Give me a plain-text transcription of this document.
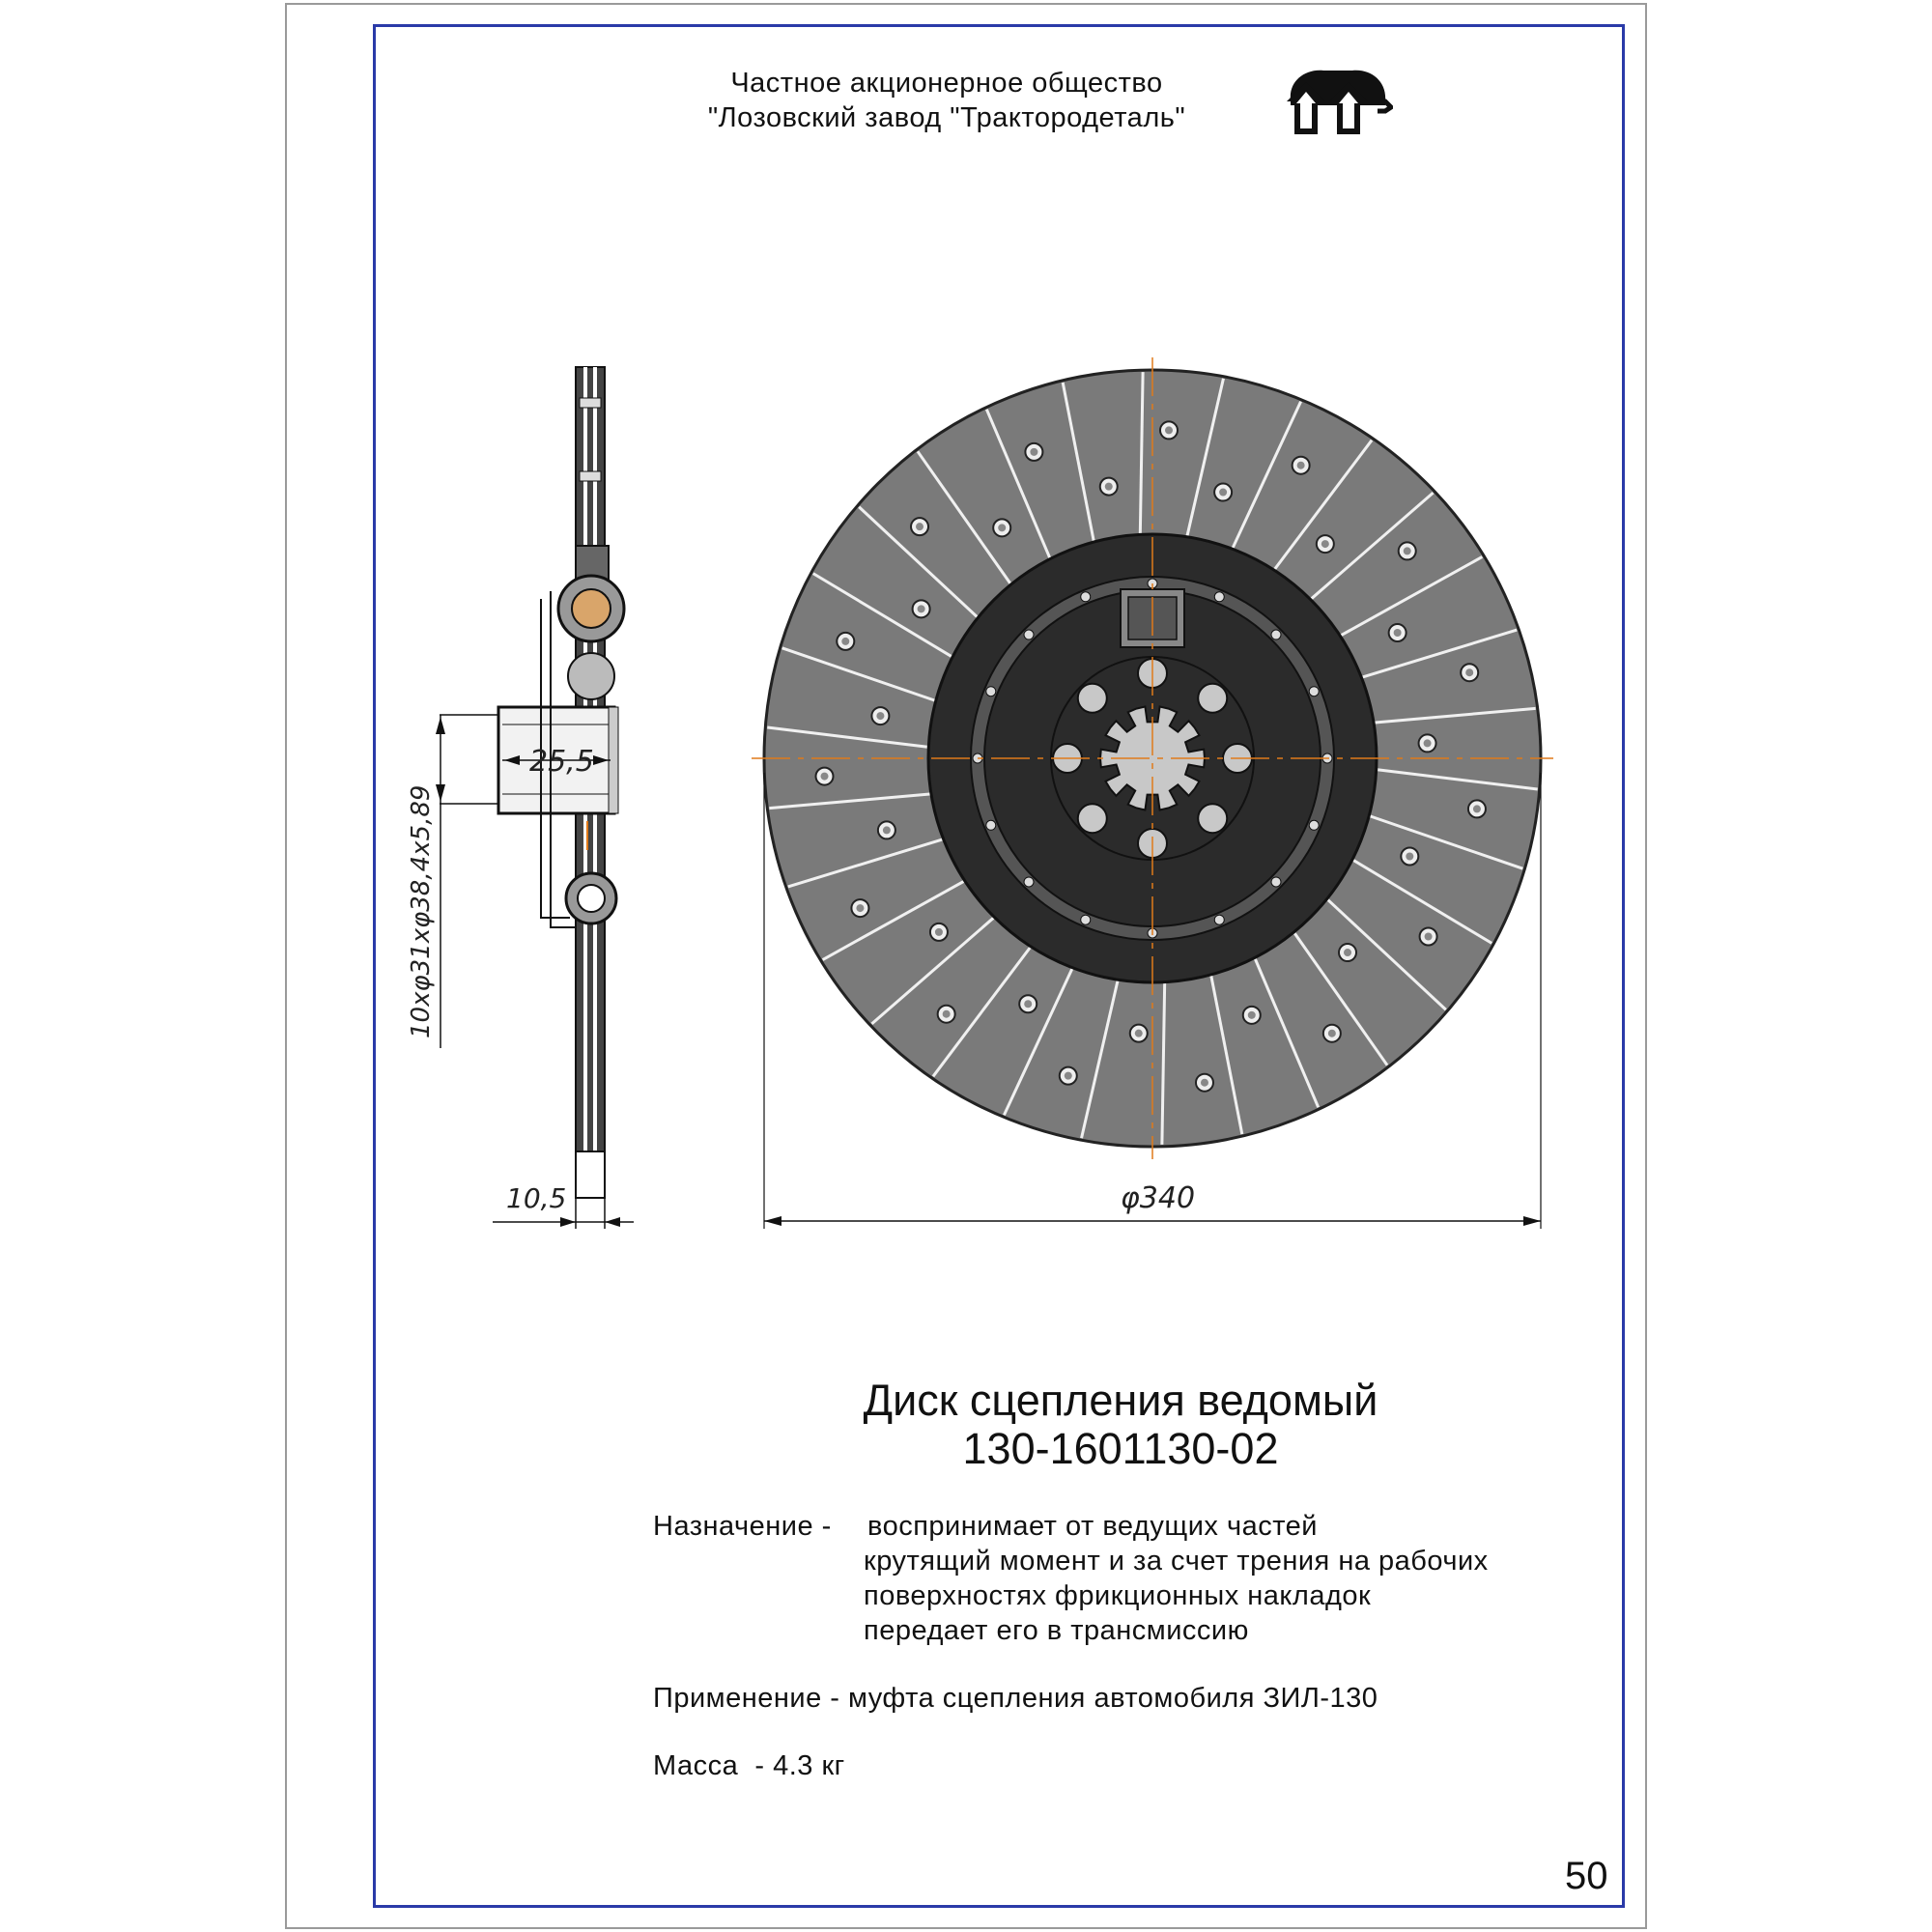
Частное акционерное общество
"Лозовский завод "Трактородеталь"
25,5
10xφ31xφ38,4x5,89
10,5	φ340
Диск сцепления ведомый
130-1601130-02
Назначение - воспринимает от ведущих частей
крутящий момент и за счет трения на рабочих
поверхностях фрикционных накладок
передает его в трансмиссию
Применение - муфта сцепления автомобиля ЗИЛ-130
Масса  - 4.3 кг
50
